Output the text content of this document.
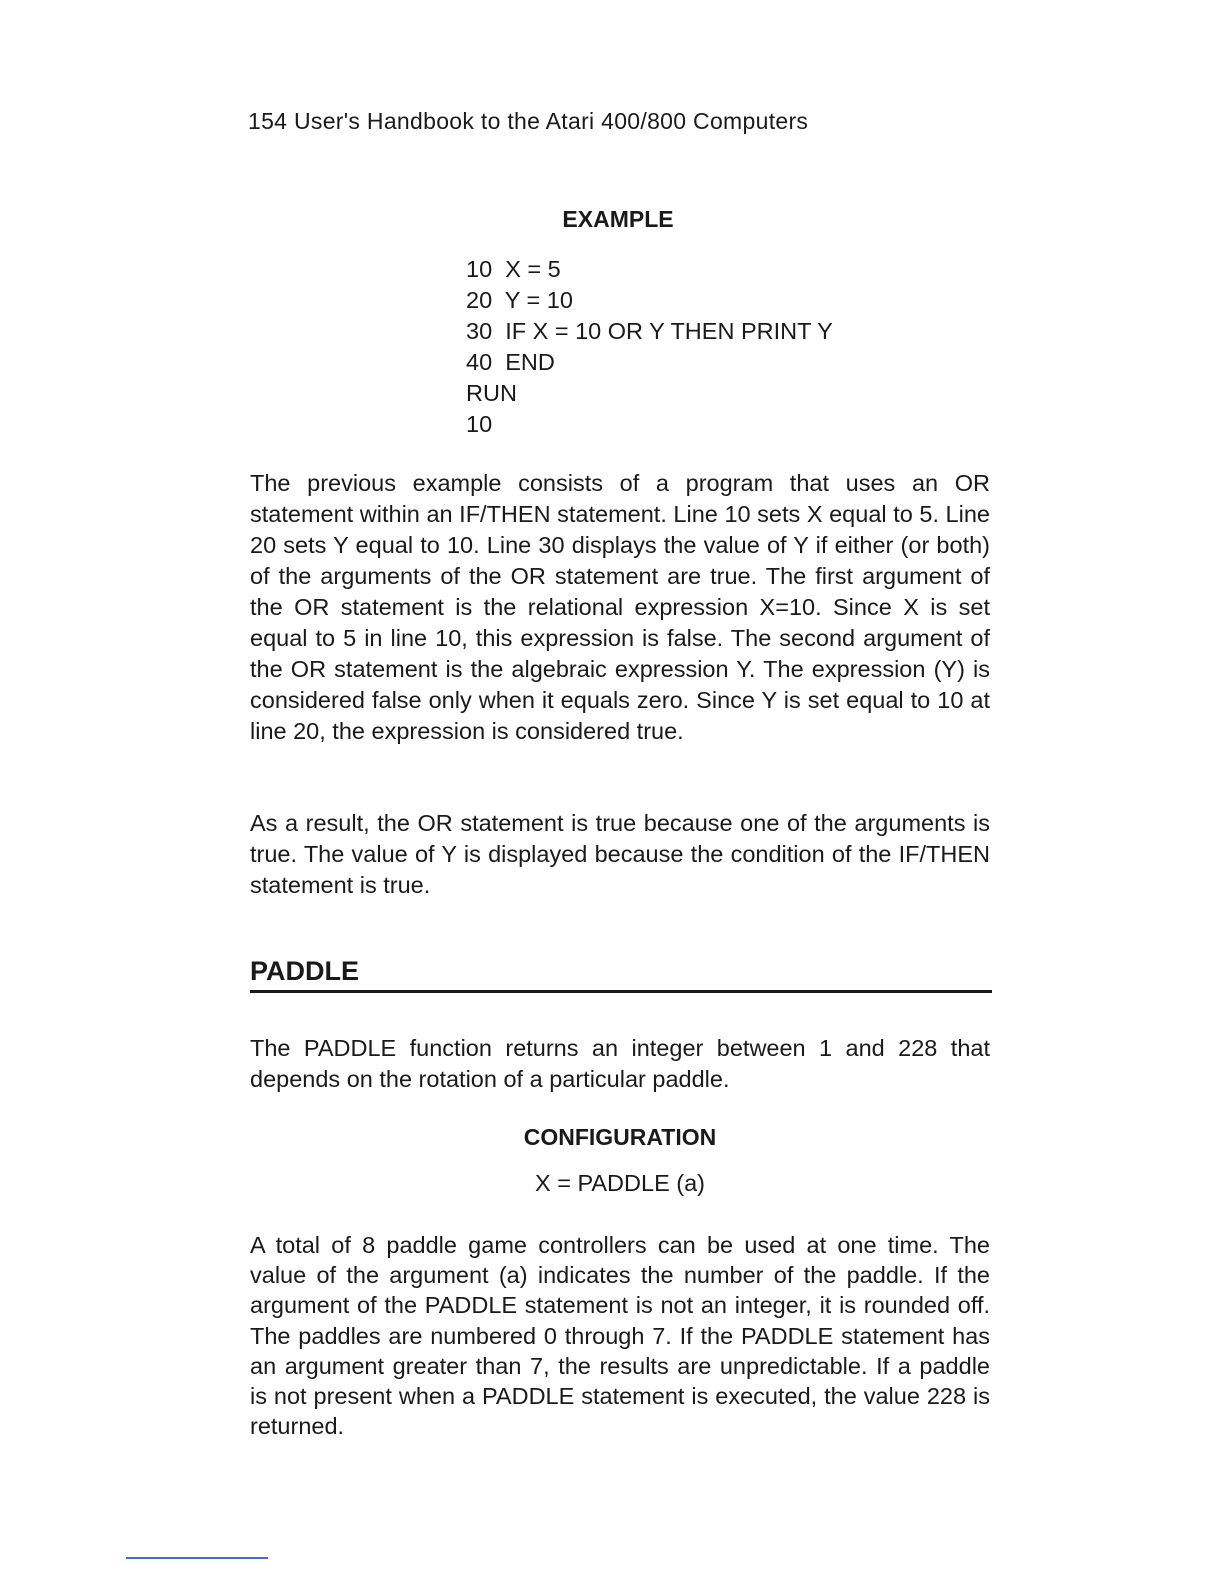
154 User's Handbook to the Atari 400/800 Computers
EXAMPLE
10  X = 5
20  Y = 10
30  IF X = 10 OR Y THEN PRINT Y
40  END
RUN
10

The previous example consists of a program that uses an OR statement within an IF/THEN statement. Line 10 sets X equal to 5. Line 20 sets Y equal to 10. Line 30 displays the value of Y if either (or both) of the arguments of the OR statement are true. The first argument of the OR statement is the relational expression X=10. Since X is set equal to 5 in line 10, this expression is false. The second argument of the OR statement is the algebraic expression Y. The expression (Y) is considered false only when it equals zero. Since Y is set equal to 10 at line 20, the expression is considered true.

As a result, the OR statement is true because one of the arguments is true. The value of Y is displayed because the condition of the IF/THEN statement is true.

PADDLE

The PADDLE function returns an integer between 1 and 228 that depends on the rotation of a particular paddle.

CONFIGURATION
X = PADDLE (a)

A total of 8 paddle game controllers can be used at one time. The value of the argument (a) indicates the number of the paddle. If the argument of the PADDLE statement is not an integer, it is rounded off. The paddles are numbered 0 through 7. If the PADDLE statement has an argument greater than 7, the results are unpredictable. If a paddle is not present when a PADDLE statement is executed, the value 228 is returned.
